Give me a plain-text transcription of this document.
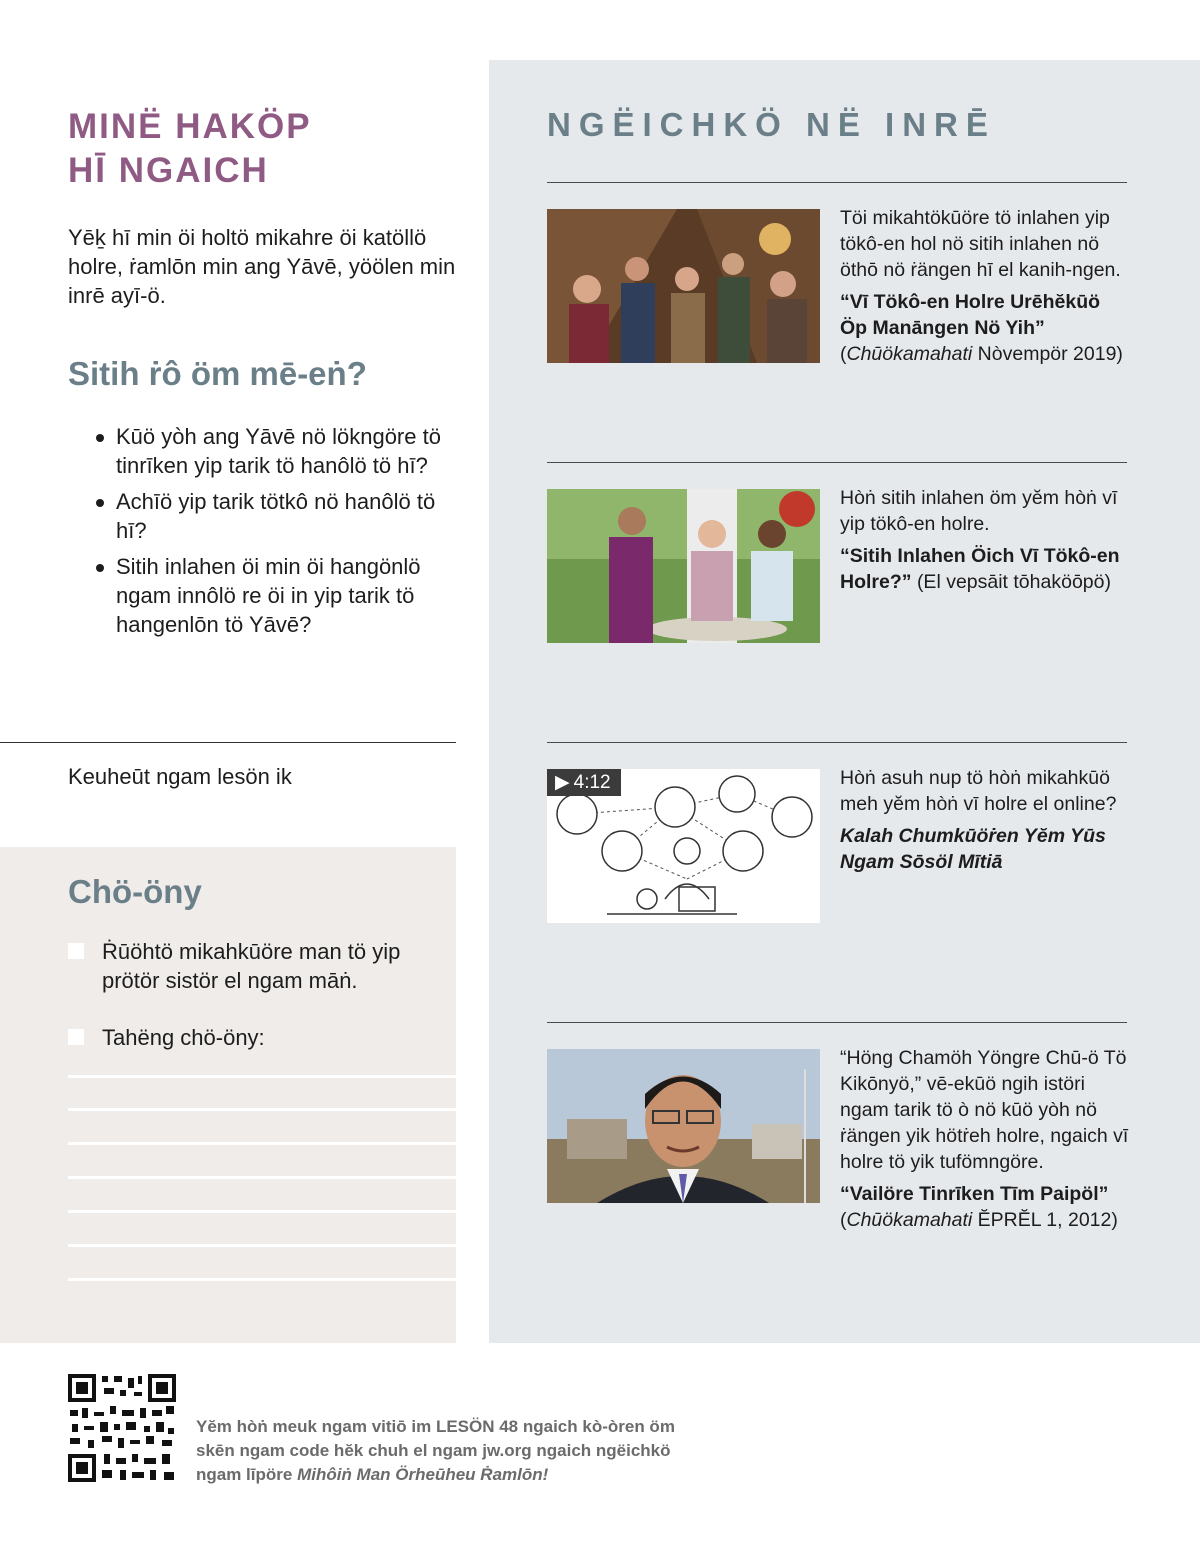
MINË HAKÖP
HĪ NGAICH

Yēḵ hī min öi holtö mikahre öi katöllö holre, ṙamlōn min ang Yāvē, yöölen min inrē ayī-ö.

Sitih ṙô öm mē-eṅ?
Kūö yòh ang Yāvē nö lökngöre tö tinrīken yip tarik tö hanôlö tö hī?
Achīö yip tarik tötkô nö hanôlö tö hī?
Sitih inlahen öi min öi hangönlö ngam innôlö re öi in yip tarik tö hangenlōn tö Yāvē?
Keuheūt ngam lesön ik
Chö-öny
Ṙūöhtö mikahkūöre man tö yip prötör sistör el ngam māṅ.
Tahëng chö-öny:
NGËICHKÖ NË INRĒ

Töi mikahtökūöre tö inlahen yip tökô-en hol nö sitih inlahen nö öthō nö ṙängen hī el kanih-ngen.

“Vī Tökô-en Holre Urēhĕkūö Öp Manāngen Nö Yih”

(Chūökamahati Nòvempör 2019)

Hòṅ sitih inlahen öm yĕm hòṅ vī yip tökô-en holre.

“Sitih Inlahen Öich Vī Tökô-en Holre?” (El vepsāit tōhaköōpö)

▶ 4:12	Hòṅ asuh nup tö hòṅ mikahkūö meh yĕm hòṅ vī holre el online?

Kalah Chumkūöṙen Yĕm Yūs Ngam Sōsöl Mītiā

“Höng Chamöh Yöngre Chū-ö Tö Kikōnyö,” vē-ekūö ngih istöri ngam tarik tö ò nö kūö yòh nö ṙängen yik hötṙeh holre, ngaich vī holre tö yik tufömngöre.

“Vailöre Tinrīken Tīm Paipöl”

(Chūökamahati ĔPRĔL 1, 2012)

Yĕm hòṅ meuk ngam vitiō im LESÖN 48 ngaich kò-òren öm skēn ngam code hĕk chuh el ngam jw.org ngaich ngëichkö ngam līpöre Mihôiṅ Man Örheūheu Ṙamlōn!
